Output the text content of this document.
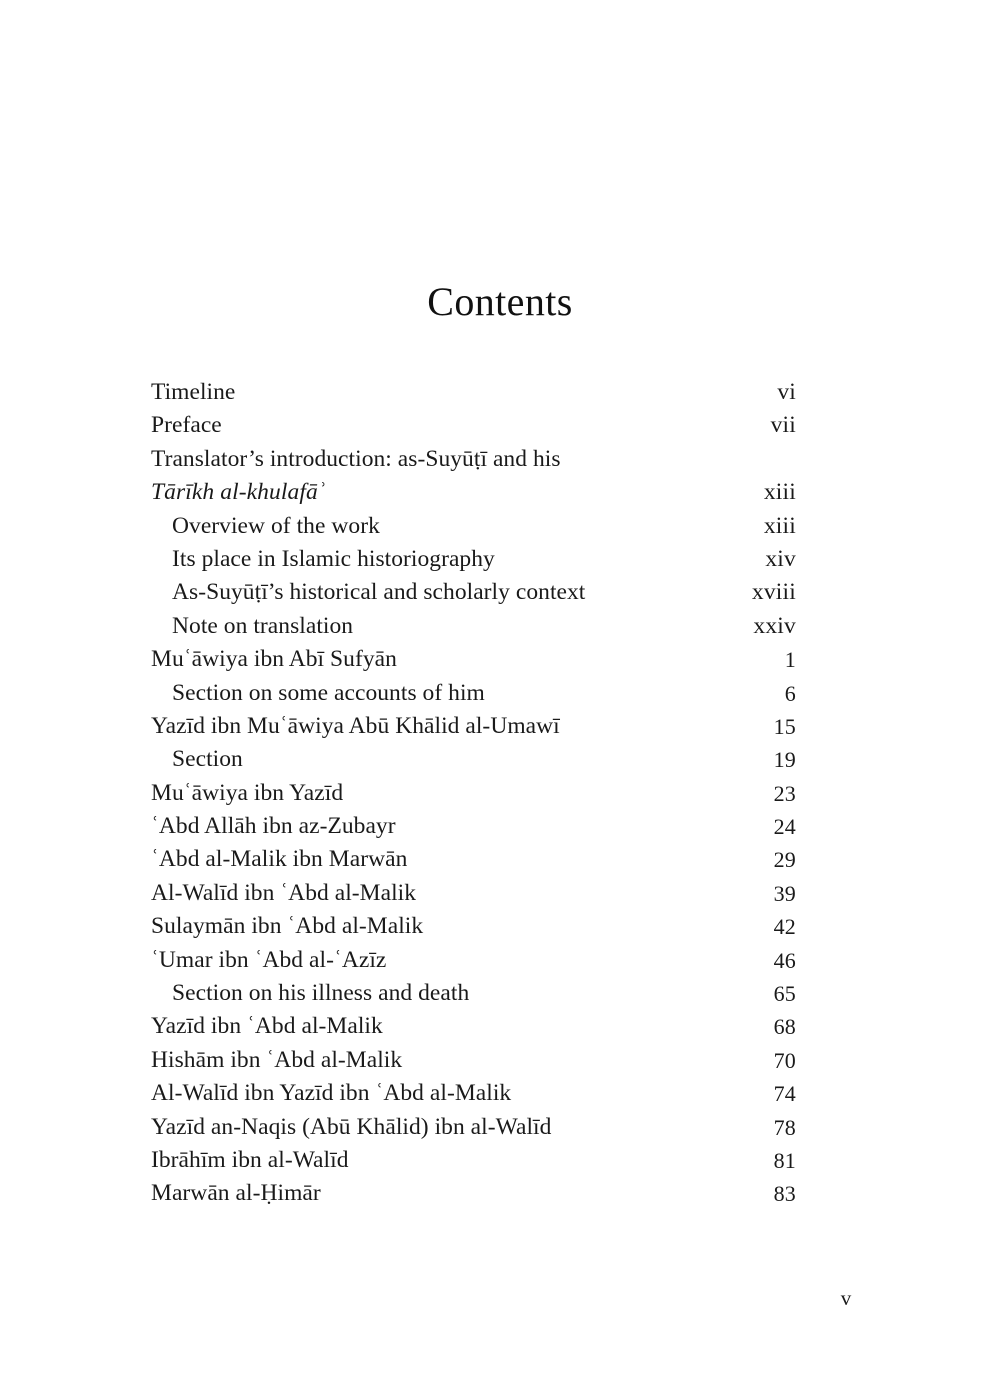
Contents
Timeline	vi
Preface	vii
Translator’s introduction: as-Suyūṭī and his
Tārīkh al-khulafāʾ	xiii
Overview of the work	xiii
Its place in Islamic historiography	xiv
As-Suyūṭī’s historical and scholarly context	xviii
Note on translation	xxiv
Muʿāwiya ibn Abī Sufyān	1
Section on some accounts of him	6
Yazīd ibn Muʿāwiya Abū Khālid al-Umawī	15
Section	19
Muʿāwiya ibn Yazīd	23
ʿAbd Allāh ibn az-Zubayr	24
ʿAbd al-Malik ibn Marwān	29
Al-Walīd ibn ʿAbd al-Malik	39
Sulaymān ibn ʿAbd al-Malik	42
ʿUmar ibn ʿAbd al-ʿAzīz	46
Section on his illness and death	65
Yazīd ibn ʿAbd al-Malik	68
Hishām ibn ʿAbd al-Malik	70
Al-Walīd ibn Yazīd ibn ʿAbd al-Malik	74
Yazīd an-Naqis (Abū Khālid) ibn al-Walīd	78
Ibrāhīm ibn al-Walīd	81
Marwān al-Ḥimār	83
v
